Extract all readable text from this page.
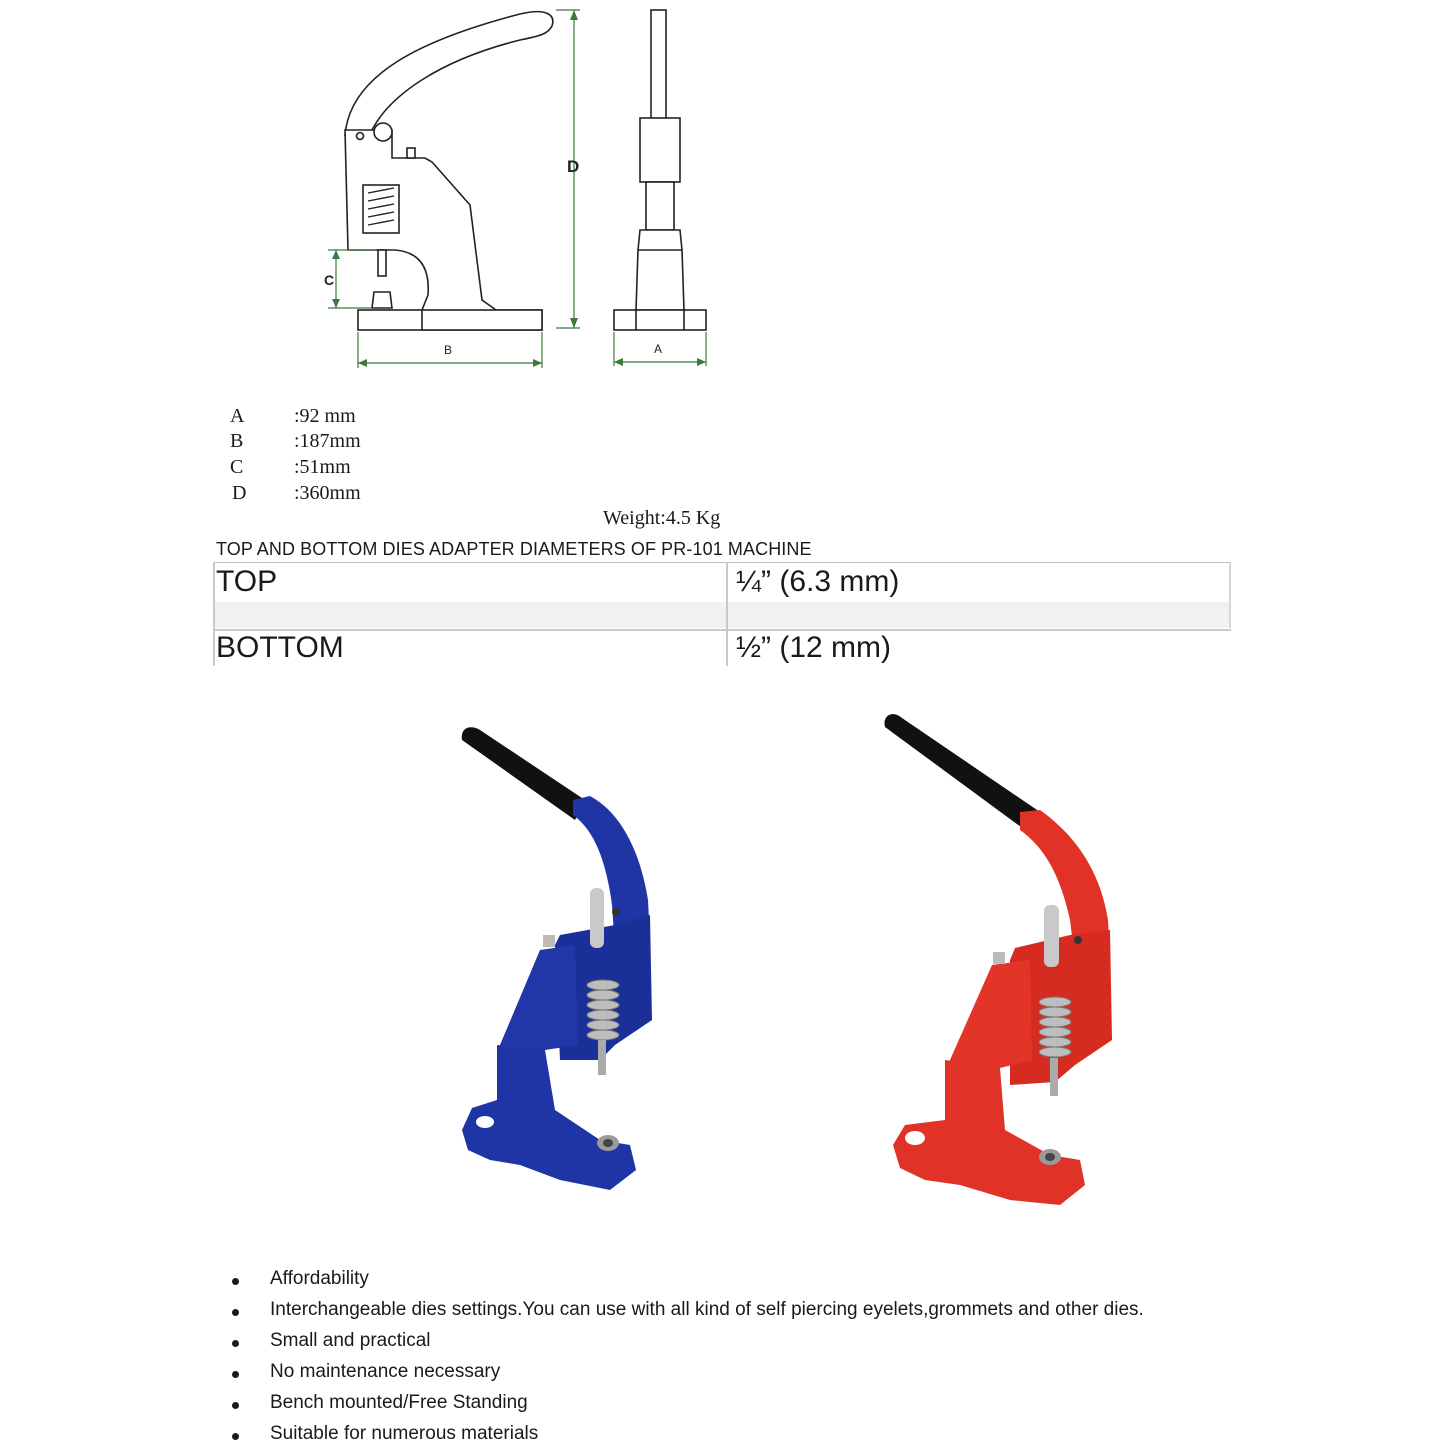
D
C
B	A
A :92 mm
B	:187mm
C	:51mm
D :360mm
Weight:4.5 Kg
TOP AND BOTTOM DIES ADAPTER DIAMETERS OF PR-101 MACHINE
TOP	¼” (6.3 mm)
BOTTOM	½” (12 mm)
Affordability
Interchangeable dies settings.You can use with all kind of self piercing eyelets,grommets and other dies.
Small and practical
No maintenance necessary
Bench mounted/Free Standing
Suitable for numerous materials
